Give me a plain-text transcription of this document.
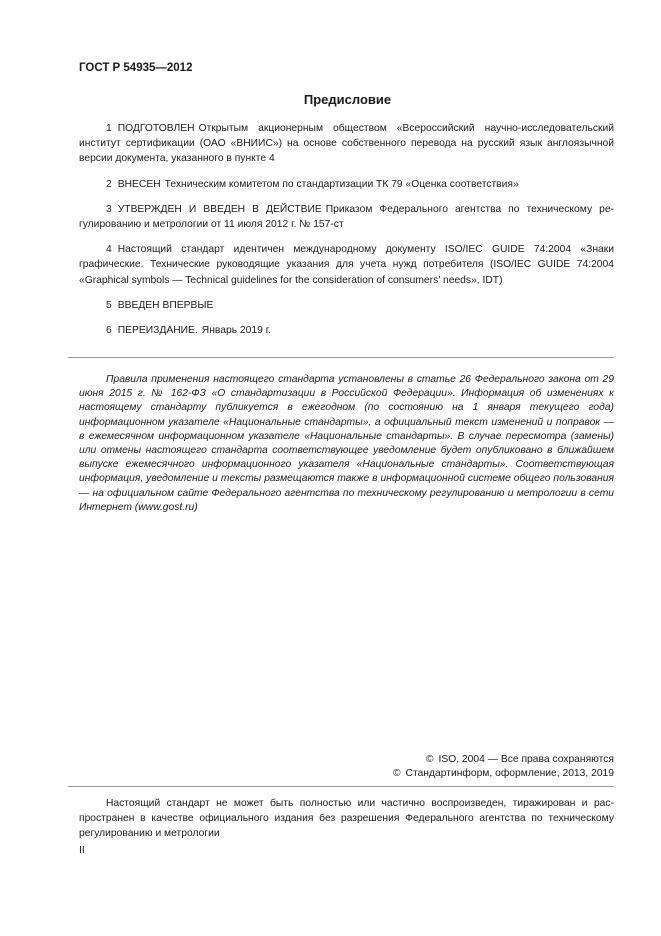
ГОСТ Р 54935—2012
Предисловие

1 ПОДГОТОВЛЕН Открытым акционерным обществом «Всероссийский научно-исследовательский институт сертификации (ОАО «ВНИИС») на основе собственного перевода на русский язык англоязычной версии документа, указанного в пункте 4

2 ВНЕСЕН Техническим комитетом по стандартизации ТК 79 «Оценка соответствия»

3 УТВЕРЖДЕН И ВВЕДЕН В ДЕЙСТВИЕ Приказом Федерального агентства по техническому регулированию и метрологии от 11 июля 2012 г. № 157-ст

4 Настоящий стандарт идентичен международному документу ISO/IEC GUIDE 74:2004 «Знаки графические. Технические руководящие указания для учета нужд потребителя (ISO/IEC GUIDE 74:2004 «Graphical symbols — Technical guidelines for the consideration of consumers’ needs», IDT)

5 ВВЕДЕН ВПЕРВЫЕ

6 ПЕРЕИЗДАНИЕ. Январь 2019 г.

Правила применения настоящего стандарта установлены в статье 26 Федерального закона от 29 июня 2015 г. № 162-ФЗ «О стандартизации в Российской Федерации». Информация об изменениях к настоящему стандарту публикуется в ежегодном (по состоянию на 1 января текущего года) информационном указателе «Национальные стандарты», а официальный текст изменений и поправок — в ежемесячном информационном указателе «Национальные стандарты». В случае пересмотра (замены) или отмены настоящего стандарта соответствующее уведомление будет опубликовано в ближайшем выпуске ежемесячного информационного указателя «Национальные стандарты». Соответствующая информация, уведомление и тексты размещаются также в информационной системе общего пользования — на официальном сайте Федерального агентства по техническому регулированию и метрологии в сети Интернет (www.gost.ru)

© ISO, 2004 — Все права сохраняются
© Стандартинформ, оформление, 2013, 2019

Настоящий стандарт не может быть полностью или частично воспроизведен, тиражирован и распространен в качестве официального издания без разрешения Федерального агентства по техническому регулированию и метрологии

II
